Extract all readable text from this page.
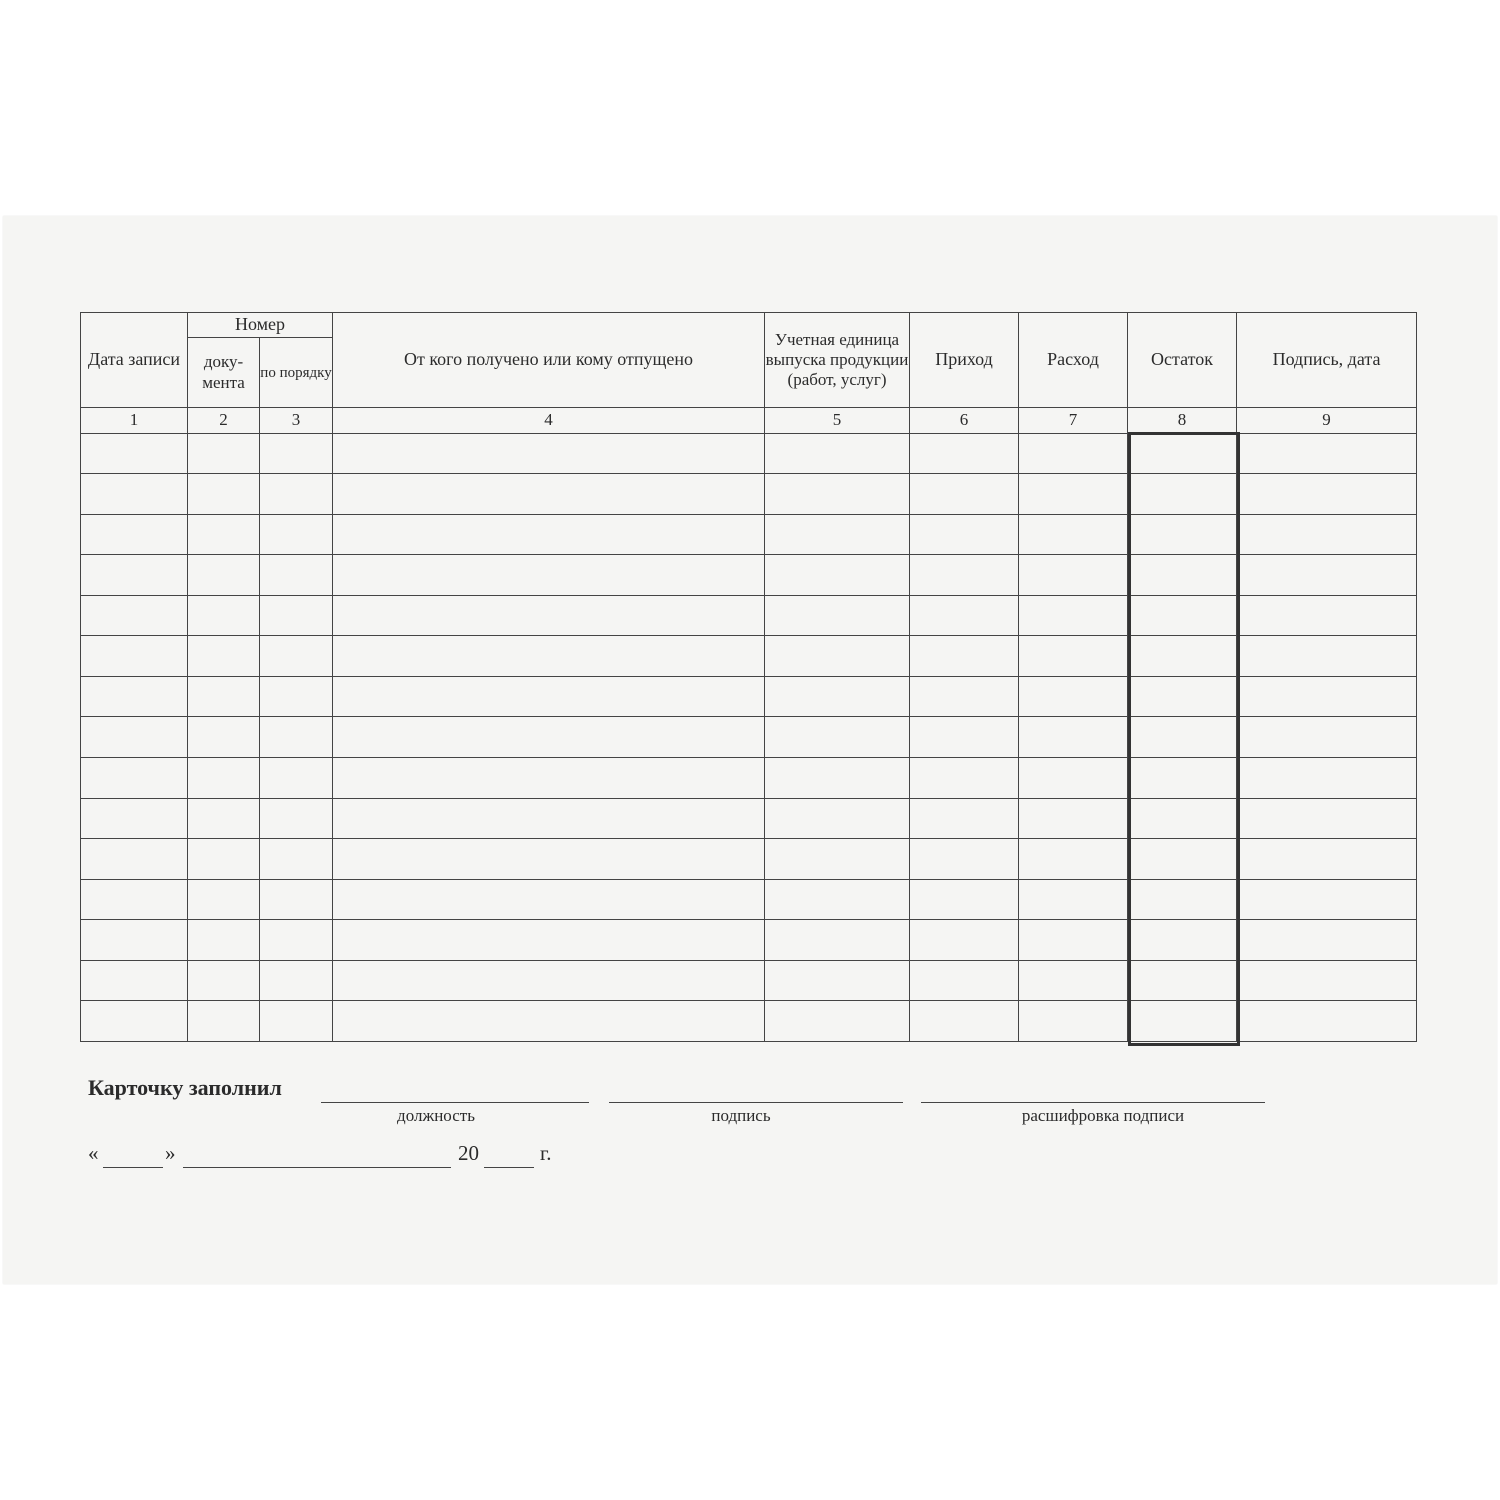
Дата записи	Номер		От кого получено или кому отпущено	Учетная единица выпуска продукции (работ, услуг)	Приход	Расход	Остаток	Подпись, дата
	доку-мента	по порядку						
1	2	3	4	5	6	7	8	9

Карточку заполнил
должность	подпись	расшифровка подписи
«	»	20	г.
